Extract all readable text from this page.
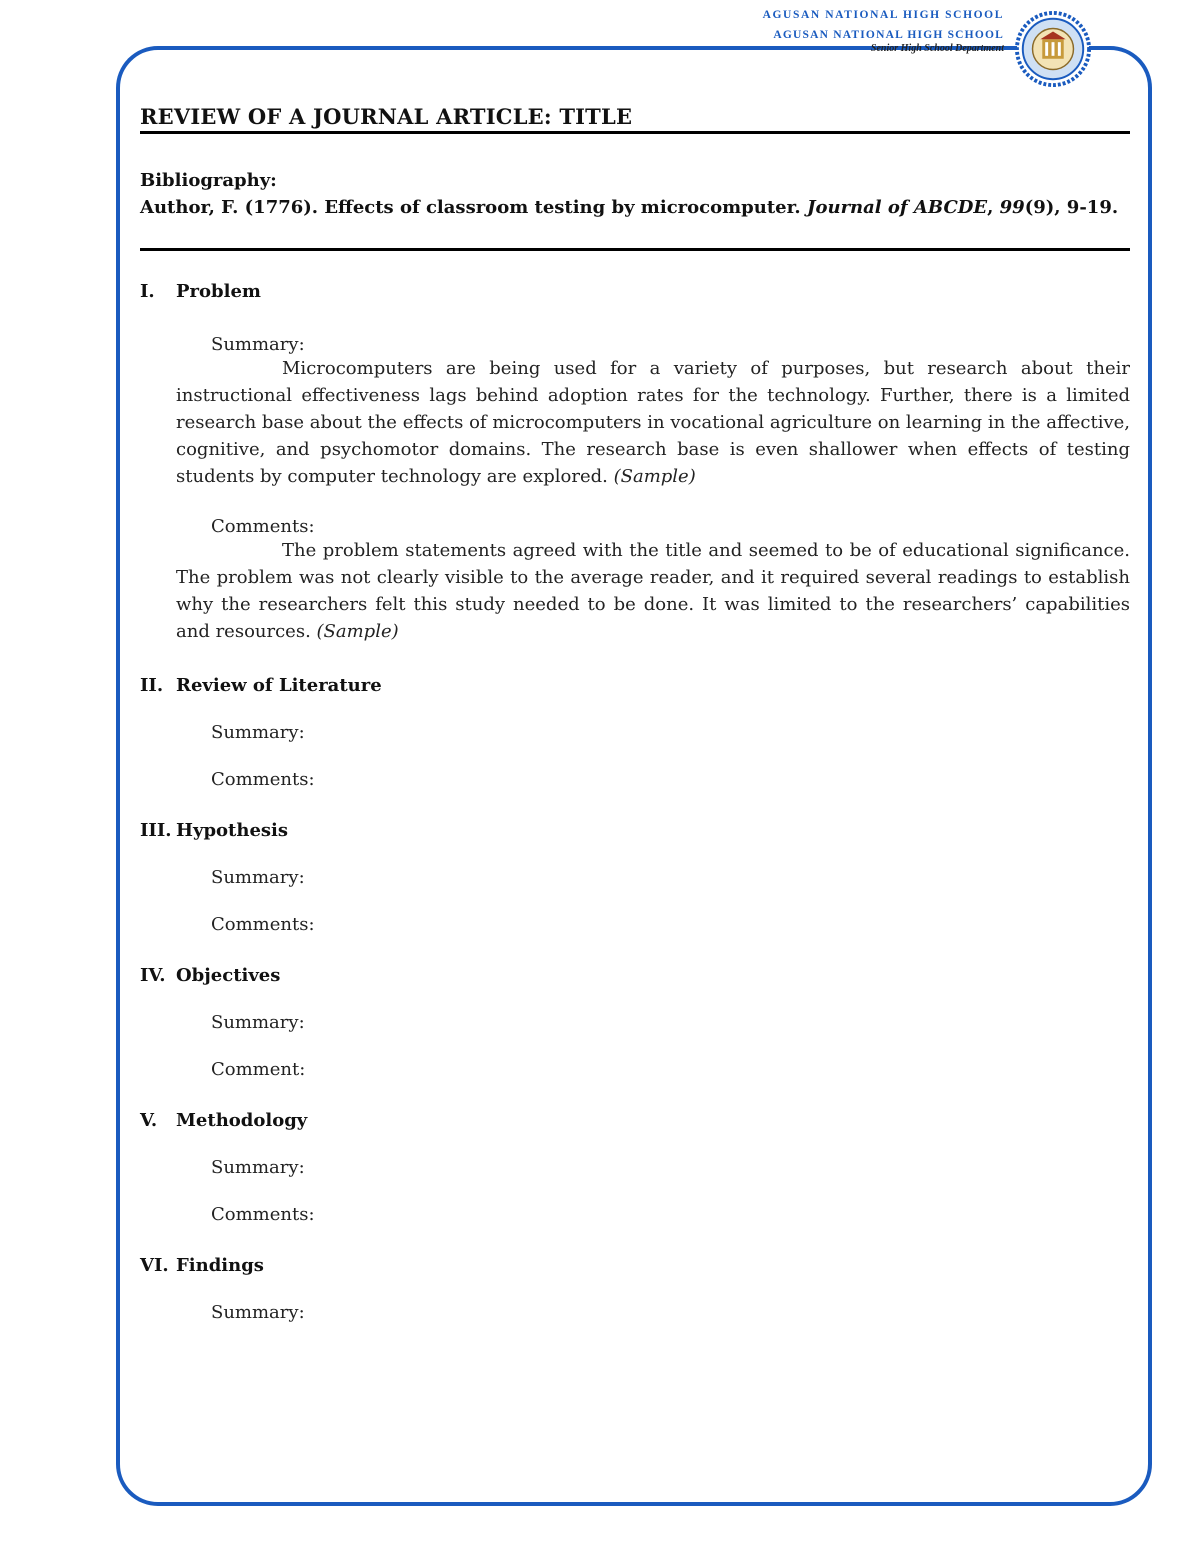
AGUSAN NATIONAL HIGH SCHOOL
AGUSAN NATIONAL HIGH SCHOOL
Senior High School Department
REVIEW OF A JOURNAL ARTICLE: TITLE
Bibliography:
Author, F. (1776). Effects of classroom testing by microcomputer. Journal of ABCDE, 99(9), 9-19.
I.	Problem
Summary:
Microcomputers are being used for a variety of purposes, but research about their instructional effectiveness lags behind adoption rates for the technology. Further, there is a limited research base about the effects of microcomputers in vocational agriculture on learning in the affective, cognitive, and psychomotor domains. The research base is even shallower when effects of testing students by computer technology are explored. (Sample)
Comments:
The problem statements agreed with the title and seemed to be of educational significance. The problem was not clearly visible to the average reader, and it required several readings to establish why the researchers felt this study needed to be done. It was limited to the researchers’ capabilities and resources. (Sample)
II. Review of Literature
Summary:
Comments:
III. Hypothesis
Summary:
Comments:
IV. Objectives
Summary:
Comment:
V.	Methodology
Summary:
Comments:
VI. Findings
Summary:
